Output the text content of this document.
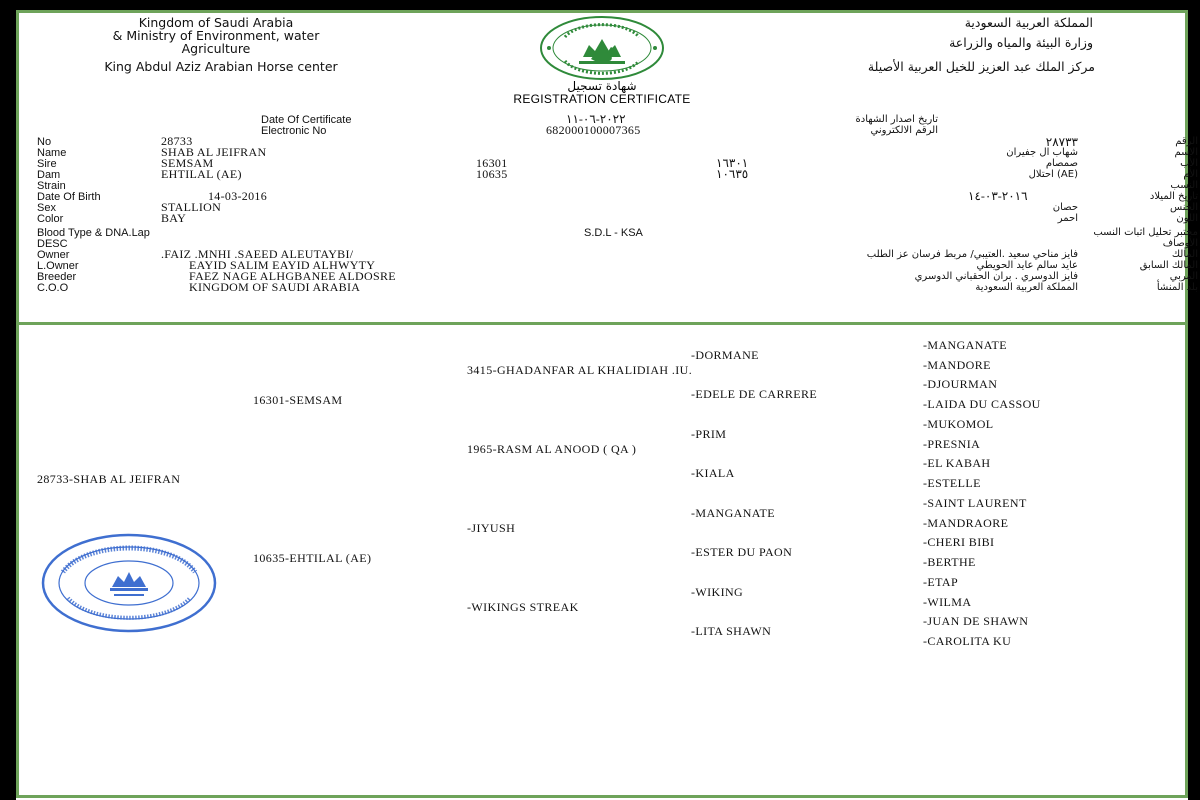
Kingdom of Saudi Arabia
& Ministry of Environment, water
Agriculture
King Abdul Aziz Arabian Horse center
المملكة العربية السعودية
وزارة البيئة والمياه والزراعة
مركز الملك عبد العزيز للخيل العربية الأصيلة
شهادة تسجيل
REGISTRATION CERTIFICATE
Date Of Certificate	٢٠٢٢-٠٦-١١	تاريخ اصدار الشهادة
Electronic No	682000100007365	الرقم الالكتروني
No	28733	٢٨٧٣٣	الرقم
Name	SHAB AL JEIFRAN	شهاب ال جفيران	الاسم
Sire	SEMSAM	16301	١٦٣٠١	صمصام	الأب
Dam	EHTILAL (AE)	10635	١٠٦٣٥	(AE) احتلال	الأم
Strain	النسب
Date Of Birth	14-03-2016	٢٠١٦-٠٣-١٤	تاريخ الميلاد
Sex	STALLION	حصان	الجنس
Color	BAY	احمر	اللون
Blood Type & DNA.Lap	S.D.L - KSA	مختبر تحليل اثبات النسب
DESC	الأوصاف
Owner	.FAIZ .MNHI .SAEED ALEUTAYBI/	فايز مناحي سعيد .العتيبي/ مربط فرسان عز الطلب	المالك
L.Owner	EAYID SALIM EAYID ALHWYTY	عايد سالم عايد الحويطي	المالك السابق
Breeder	FAEZ NAGE ALHGBANEE ALDOSRE	فايز الدوسري . بران الحقباني الدوسري	المربي
C.O.O	KINGDOM OF SAUDI ARABIA	المملكة العربية السعودية	بلد المنشأ
28733-SHAB AL JEIFRAN
16301-SEMSAM
10635-EHTILAL (AE)
3415-GHADANFAR AL KHALIDIAH .IU.
1965-RASM AL ANOOD ( QA )
-JIYUSH
-WIKINGS STREAK
-DORMANE
-EDELE DE CARRERE
-PRIM
-KIALA
-MANGANATE
-ESTER DU PAON
-WIKING
-LITA SHAWN
-MANGANATE
-MANDORE
-DJOURMAN
-LAIDA DU CASSOU
-MUKOMOL
-PRESNIA
-EL KABAH
-ESTELLE
-SAINT LAURENT
-MANDRAORE
-CHERI BIBI
-BERTHE
-ETAP
-WILMA
-JUAN DE SHAWN
-CAROLITA KU
